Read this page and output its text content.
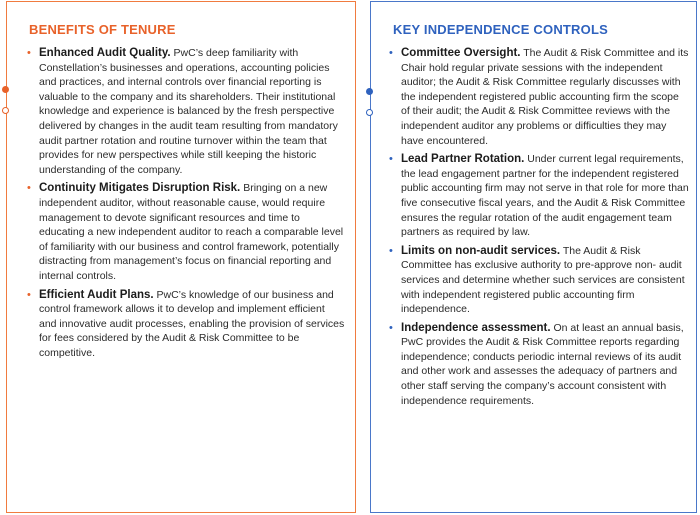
BENEFITS OF TENURE
• Enhanced Audit Quality. PwC’s deep familiarity with Constellation’s businesses and operations, accounting policies and practices, and internal controls over financial reporting is valuable to the company and its shareholders. Their institutional knowledge and experience is balanced by the fresh perspective delivered by changes in the audit team resulting from mandatory audit partner rotation and routine turnover within the team that provides for new perspectives while still keeping the historic understanding of the company.
• Continuity Mitigates Disruption Risk. Bringing on a new independent auditor, without reasonable cause, would require management to devote significant resources and time to educating a new independent auditor to reach a comparable level of familiarity with our business and control framework, potentially distracting from management’s focus on financial reporting and internal controls.
• Efficient Audit Plans. PwC’s knowledge of our business and control framework allows it to develop and implement efficient and innovative audit processes, enabling the provision of services for fees considered by the Audit & Risk Committee to be competitive.
KEY INDEPENDENCE CONTROLS
• Committee Oversight. The Audit & Risk Committee and its Chair hold regular private sessions with the independent auditor; the Audit & Risk Committee regularly discusses with the independent registered public accounting firm the scope of their audit; the Audit & Risk Committee reviews with the independent auditor any problems or difficulties they may have encountered.
• Lead Partner Rotation. Under current legal requirements, the lead engagement partner for the independent registered public accounting firm may not serve in that role for more than five consecutive fiscal years, and the Audit & Risk Committee ensures the regular rotation of the audit engagement team partners as required by law.
• Limits on non-audit services. The Audit & Risk Committee has exclusive authority to pre-approve non- audit services and determine whether such services are consistent with independent registered public accounting firm independence.
• Independence assessment. On at least an annual basis, PwC provides the Audit & Risk Committee reports regarding independence; conducts periodic internal reviews of its audit and other work and assesses the adequacy of partners and other staff serving the company’s account consistent with independence requirements.
